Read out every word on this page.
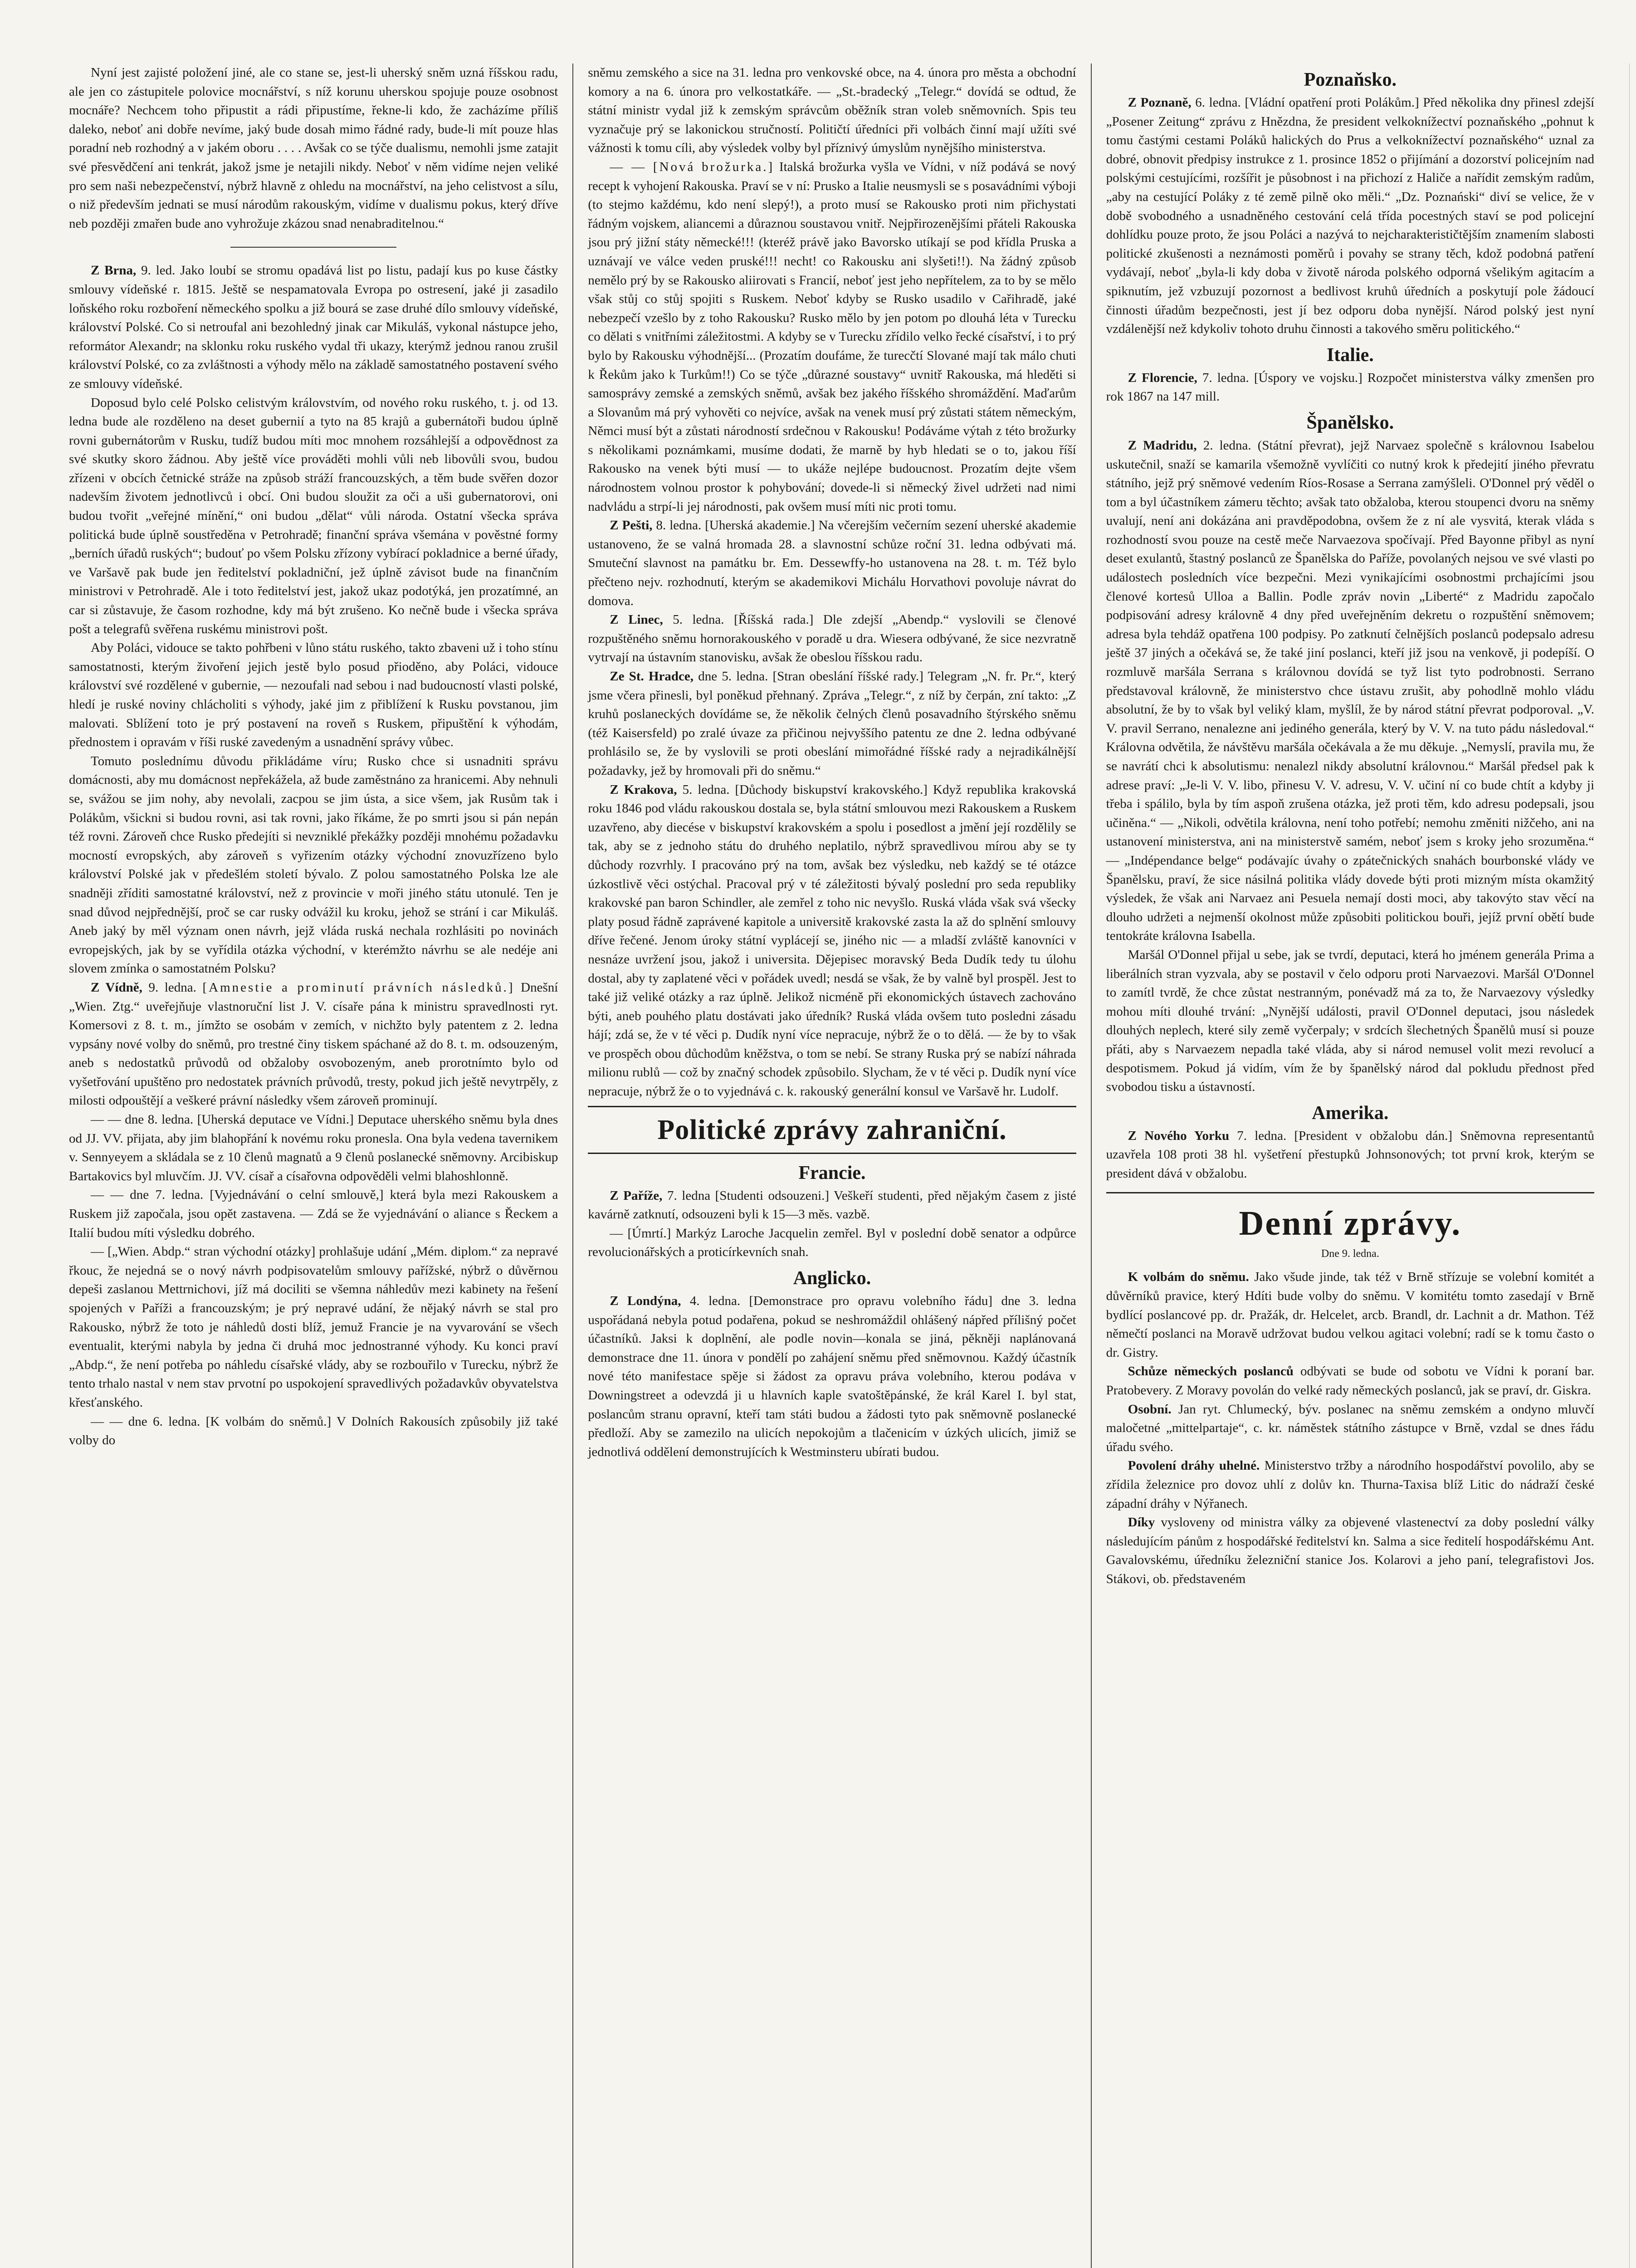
Nyní jest zajisté položení jiné, ale co stane se, jest-li uherský sněm uzná říšskou radu, ale jen co zástupitele polovice mocnářství, s níž korunu uherskou spojuje pouze osobnost mocnáře? Nechcem toho připustit a rádi připustíme, řekne-li kdo, že zacházíme příliš daleko, neboť ani dobře nevíme, jaký bude dosah mimo řádné rady, bude-li mít pouze hlas poradní neb rozhodný a v jakém oboru . . . . Avšak co se týče dualismu, nemohli jsme zatajit své přesvědčení ani tenkrát, jakož jsme je netajili nikdy. Neboť v něm vidíme nejen veliké pro sem naši nebezpečenství, nýbrž hlavně z ohledu na mocnářství, na jeho celistvost a sílu, o niž především jednati se musí národům rakouským, vidíme v dualismu pokus, který dříve neb později zmařen bude ano vyhrožuje zkázou snad nenabraditelnou.“

Z Brna, 9. led. Jako loubí se stromu opadává list po listu, padají kus po kuse částky smlouvy vídeňské r. 1815. Ještě se nespamatovala Evropa po ostresení, jaké ji zasadilo loňského roku rozboření německého spolku a již bourá se zase druhé dílo smlouvy vídeňské, království Polské. Co si netroufal ani bezohledný jinak car Mikuláš, vykonal nástupce jeho, reformátor Alexandr; na sklonku roku ruského vydal tři ukazy, kterýmž jednou ranou zrušil království Polské, co za zvláštnosti a výhody mělo na základě samostatného postavení svého ze smlouvy vídeňské.

Doposud bylo celé Polsko celistvým královstvím, od nového roku ruského, t. j. od 13. ledna bude ale rozděleno na deset gubernií a tyto na 85 krajů a gubernátoři budou úplně rovni gubernátorům v Rusku, tudíž budou míti moc mnohem rozsáhlejší a odpovědnost za své skutky skoro žádnou. Aby ještě více prováděti mohli vůli neb libovůli svou, budou zřízeni v obcích četnické stráže na způsob stráží francouzských, a těm bude svěřen dozor nadevším životem jednotlivců i obcí. Oni budou sloužit za oči a uši gubernatorovi, oni budou tvořit „veřejné mínění,“ oni budou „dělat“ vůli národa. Ostatní všecka správa politická bude úplně soustředěna v Petrohradě; finanční správa všemána v pověstné formy „berních úřadů ruských“; budouť po všem Polsku zřízony vybírací pokladnice a berné úřady, ve Varšavě pak bude jen ředitelství pokladniční, jež úplně závisot bude na finančním ministrovi v Petrohradě. Ale i toto ředitelství jest, jakož ukaz podotýká, jen prozatímné, an car si zůstavuje, že časom rozhodne, kdy má být zrušeno. Ko nečně bude i všecka správa pošt a telegrafů svěřena ruskému ministrovi pošt.

Aby Poláci, vidouce se takto pohřbeni v lůno státu ruského, takto zbaveni už i toho stínu samostatnosti, kterým živoření jejich jestě bylo posud přioděno, aby Poláci, vidouce království své rozdělené v gubernie, — nezoufali nad sebou i nad budoucností vlasti polské, hledí je ruské noviny chlácholiti s výhody, jaké jim z přiblížení k Rusku povstanou, jim malovati. Sblížení toto je prý postavení na roveň s Ruskem, připuštění k výhodám, přednostem i opravám v říši ruské zavedeným a usnadnění správy vůbec.

Tomuto poslednímu důvodu přikládáme víru; Rusko chce si usnadniti správu domácnosti, aby mu domácnost nepřekážela, až bude zaměstnáno za hranicemi. Aby nehnuli se, svážou se jim nohy, aby nevolali, zacpou se jim ústa, a sice všem, jak Rusům tak i Polákům, všickni si budou rovni, asi tak rovni, jako říkáme, že po smrti jsou si pán nepán též rovni. Zároveň chce Rusko předejíti si nevzniklé překážky později mnohému požadavku mocností evropských, aby zároveň s vyřizením otázky východní znovuzřízeno bylo království Polské jak v předešlém století bývalo. Z polou samostatného Polska lze ale snadněji zříditi samostatné království, než z provincie v moři jiného státu utonulé. Ten je snad důvod nejpřednější, proč se car rusky odvážil ku kroku, jehož se strání i car Mikuláš. Aneb jaký by měl význam onen návrh, jejž vláda ruská nechala rozhlásiti po novinách evropejských, jak by se vyřídila otázka východní, v kterémžto návrhu se ale nedéje ani slovem zmínka o samostatném Polsku?

Z Vídně, 9. ledna. [Amnestie a prominutí právních následků.] Dnešní „Wien. Ztg.“ uveřejňuje vlastnoruční list J. V. císaře pána k ministru spravedlnosti ryt. Komersovi z 8. t. m., jímžto se osobám v zemích, v nichžto byly patentem z 2. ledna vypsány nové volby do sněmů, pro trestné činy tiskem spáchané až do 8. t. m. odsouzeným, aneb s nedostatků průvodů od obžaloby osvobozeným, aneb prorotnímto bylo od vyšetřování upuštěno pro nedostatek právních průvodů, tresty, pokud jich ještě nevytrpěly, z milosti odpouštějí a veškeré právní následky všem zároveň prominují.

— — dne 8. ledna. [Uherská deputace ve Vídni.] Deputace uherského sněmu byla dnes od JJ. VV. přijata, aby jim blahopřání k novému roku pronesla. Ona byla vedena tavernikem v. Sennyeyem a skládala se z 10 členů magnatů a 9 členů poslanecké sněmovny. Arcibiskup Bartakovics byl mluvčím. JJ. VV. císař a císařovna odpověděli velmi blahoshlonně.

— — dne 7. ledna. [Vyjednávání o celní smlouvě,] která byla mezi Rakouskem a Ruskem již započala, jsou opět zastavena. — Zdá se že vyjednávání o aliance s Řeckem a Italií budou míti výsledku dobrého.

— [„Wien. Abdp.“ stran východní otázky] prohlašuje udání „Mém. diplom.“ za nepravé řkouc, že nejedná se o nový návrh podpisovatelům smlouvy pařížské, nýbrž o důvěrnou depeši zaslanou Mettrnichovi, jíž má dociliti se všemna náhledův mezi kabinety na řešení spojených v Paříži a francouzským; je prý nepravé udání, že nějaký návrh se stal pro Rakousko, nýbrž že toto je náhledů dosti blíž, jemuž Francie je na vyvarování se všech eventualit, kterými nabyla by jedna či druhá moc jednostranné výhody. Ku konci praví „Abdp.“, že není potřeba po náhledu císařské vlády, aby se rozbouřilo v Turecku, nýbrž že tento trhalo nastal v nem stav prvotní po uspokojení spravedlivých požadavkův obyvatelstva křesťanského.

— — dne 6. ledna. [K volbám do sněmů.] V Dolních Rakousích způsobily již také volby do

sněmu zemského a sice na 31. ledna pro venkovské obce, na 4. února pro města a obchodní komory a na 6. února pro velkostatkáře. — „St.-bradecký „Telegr.“ dovídá se odtud, že státní ministr vydal již k zemským správcům oběžník stran voleb sněmovních. Spis teu vyznačuje prý se lakonickou stručností. Političtí úředníci při volbách činní mají užíti své vážnosti k tomu cíli, aby výsledek volby byl příznivý úmyslům nynějšího ministerstva.

— — [Nová brožurka.] Italská brožurka vyšla ve Vídni, v níž podává se nový recept k vyhojení Rakouska. Praví se v ní: Prusko a Italie neusmysli se s posavádními výboji (to stejmo každému, kdo není slepý!), a proto musí se Rakousko proti nim přichystati řádným vojskem, aliancemi a důraznou soustavou vnitř. Nejpřirozenějšími přáteli Rakouska jsou prý jižní státy německé!!! (kteréž právě jako Bavorsko utíkají se pod křídla Pruska a uznávají ve válce veden pruské!!! necht! co Rakousku ani slyšeti!!). Na žádný způsob nemělo prý by se Rakousko aliirovati s Francií, neboť jest jeho nepřítelem, za to by se mělo však stůj co stůj spojiti s Ruskem. Neboť kdyby se Rusko usadilo v Cařihradě, jaké nebezpečí vzešlo by z toho Rakousku? Rusko mělo by jen potom po dlouhá léta v Turecku co dělati s vnitřními záležitostmi. A kdyby se v Turecku zřídilo velko řecké císařství, i to prý bylo by Rakousku výhodnější... (Prozatím doufáme, že turecčtí Slované mají tak málo chuti k Řekům jako k Turkům!!) Co se týče „důrazné soustavy“ uvnitř Rakouska, má hleděti si samosprávy zemské a zemských sněmů, avšak bez jakého říšského shromáždění. Maďarům a Slovanům má prý vyhověti co nejvíce, avšak na venek musí prý zůstati státem německým, Němci musí být a zůstati národností srdečnou v Rakousku! Podáváme výtah z této brožurky s několikami poznámkami, musíme dodati, že marně by hyb hledati se o to, jakou říší Rakousko na venek býti musí — to ukáže nejlépe budoucnost. Prozatím dejte všem národnostem volnou prostor k pohybování; dovede-li si německý živel udržeti nad nimi nadvládu a strpí-li jej národnosti, pak ovšem musí míti nic proti tomu.

Z Pešti, 8. ledna. [Uherská akademie.] Na včerejším večerním sezení uherské akademie ustanoveno, že se valná hromada 28. a slavnostní schůze roční 31. ledna odbývati má. Smuteční slavnost na památku br. Em. Dessewffy-ho ustanovena na 28. t. m. Též bylo přečteno nejv. rozhodnutí, kterým se akademikovi Michálu Horvathovi povoluje návrat do domova.

Z Linec, 5. ledna. [Říšská rada.] Dle zdejší „Abendp.“ vyslovili se členové rozpuštěného sněmu hornorakouského v poradě u dra. Wiesera odbývané, že sice nezvratně vytrvají na ústavním stanovisku, avšak že obeslou říšskou radu.

Ze St. Hradce, dne 5. ledna. [Stran obeslání říšské rady.] Telegram „N. fr. Pr.“, který jsme včera přinesli, byl poněkud přehnaný. Zpráva „Telegr.“, z níž by čerpán, zní takto: „Z kruhů poslaneckých dovídáme se, že několik čelných členů posavadního štýrského sněmu (též Kaisersfeld) po zralé úvaze za přičinou nejvyššího patentu ze dne 2. ledna odbývané prohlásilo se, že by vyslovili se proti obeslání mimořádné říšské rady a nejradikálnější požadavky, jež by hromovali při do sněmu.“

Z Krakova, 5. ledna. [Důchody biskupství krakovského.] Když republika krakovská roku 1846 pod vládu rakouskou dostala se, byla státní smlouvou mezi Rakouskem a Ruskem uzavřeno, aby diecése v biskupství krakovském a spolu i posedlost a jmění její rozdělily se tak, aby se z jednoho státu do druhého neplatilo, nýbrž spravedlivou mírou aby se ty důchody rozvrhly. I pracováno prý na tom, avšak bez výsledku, neb každý se té otázce úzkostlivě věci ostýchal. Pracoval prý v té záležitosti bývalý poslední pro seda republiky krakovské pan baron Schindler, ale zemřel z toho nic nevyšlo. Ruská vláda však svá všecky platy posud řádně zaprávené kapitole a universitě krakovské zasta la až do splnění smlouvy dříve řečené. Jenom úroky státní vyplácejí se, jiného nic — a mladší zvláště kanovníci v nesnáze uvržení jsou, jakož i universita. Dějepisec moravský Beda Dudík tedy tu úlohu dostal, aby ty zaplatené věci v pořádek uvedl; nesdá se však, že by valně byl prospěl. Jest to také již veliké otázky a raz úplně. Jelikož nicméně při ekonomických ústavech zachováno býti, aneb pouhého platu dostávati jako úředník? Ruská vláda ovšem tuto posledni zásadu hájí; zdá se, že v té věci p. Dudík nyní více nepracuje, nýbrž že o to dělá. — že by to však ve prospěch obou důchodům kněžstva, o tom se nebí. Se strany Ruska prý se nabízí náhrada milionu rublů — což by značný schodek způsobilo. Slycham, že v té věci p. Dudík nyní více nepracuje, nýbrž že o to vyjednává c. k. rakouský generální konsul ve Varšavě hr. Ludolf.

Politické zprávy zahraniční.
Francie.

Z Paříže, 7. ledna [Studenti odsouzeni.] Veškeří studenti, před nějakým časem z jisté kavárně zatknutí, odsouzeni byli k 15—3 měs. vazbě.

— [Úmrtí.] Markýz Laroche Jacquelin zemřel. Byl v poslední době senator a odpůrce revolucionářských a proticírkevních snah.

Anglicko.

Z Londýna, 4. ledna. [Demonstrace pro opravu volebního řádu] dne 3. ledna uspořádaná nebyla potud podařena, pokud se neshromáždil ohlášený nápřed přílišný počet účastníků. Jaksi k doplnění, ale podle novin—konala se jiná, pěkněji naplánovaná demonstrace dne 11. února v pondělí po zahájení sněmu před sněmovnou. Každý účastník nové této manifestace spěje si žádost za opravu práva volebního, kterou podáva v Downingstreet a odevzdá ji u hlavních kaple svatoštěpánské, že král Karel I. byl stat, poslancům stranu opravní, kteří tam státi budou a žádosti tyto pak sněmovně poslanecké předloží. Aby se zamezilo na ulicích nepokojům a tlačenicím v úzkých ulicích, jimiž se jednotlivá oddělení demonstrujících k Westminsteru ubírati budou.

Poznaňsko.

Z Poznaně, 6. ledna. [Vládní opatření proti Polákům.] Před několika dny přinesl zdejší „Posener Zeitung“ zprávu z Hnězdna, že president velkoknížectví poznaňského „pohnut k tomu častými cestami Poláků halických do Prus a velkoknížectví poznaňského“ uznal za dobré, obnovit předpisy instrukce z 1. prosince 1852 o přijímání a dozorství policejním nad polskými cestujícími, rozšířit je působnost i na přichozí z Haliče a nařídit zemským radům, „aby na cestující Poláky z té země pilně oko měli.“ „Dz. Poznański“ diví se velice, že v době svobodného a usnadněného cestování celá třída pocestných staví se pod policejní dohlídku pouze proto, že jsou Poláci a nazývá to nejcharakterističtějším znamením slabosti politické zkušenosti a neznámosti poměrů i povahy se strany těch, kdož podobná patření vydávají, neboť „byla-li kdy doba v životě národa polského odporná všelikým agitacím a spiknutím, jež vzbuzují pozornost a bedlivost kruhů úředních a poskytují pole žádoucí činnosti úřadům bezpečnosti, jest jí bez odporu doba nynější. Národ polský jest nyní vzdálenější než kdykoliv tohoto druhu činnosti a takového směru politického.“

Italie.

Z Florencie, 7. ledna. [Úspory ve vojsku.] Rozpočet ministerstva války zmenšen pro rok 1867 na 147 mill.

Španělsko.

Z Madridu, 2. ledna. (Státní převrat), jejž Narvaez společně s královnou Isabelou uskutečnil, snaží se kamarila všemožně vyvlíčiti co nutný krok k předejití jiného převratu státního, jejž prý sněmové vedením Ríos-Rosase a Serrana zamýšleli. O'Donnel prý věděl o tom a byl účastníkem zámeru těchto; avšak tato obžaloba, kterou stoupenci dvoru na sněmy uvalují, není ani dokázána ani pravděpodobna, ovšem že z ní ale vysvitá, kterak vláda s rozhodností svou pouze na cestě meče Narvaezova spočívají. Před Bayonne přibyl as nyní deset exulantů, štastný poslanců ze Španělska do Paříže, povolaných nejsou ve své vlasti po událostech posledních více bezpečni. Mezi vynikajícími osobnostmi prchajícími jsou členové kortesů Ulloa a Ballin. Podle zpráv novin „Liberté“ z Madridu započalo podpisování adresy královně 4 dny před uveřejněním dekretu o rozpuštění sněmovem; adresa byla tehdáž opatřena 100 podpisy. Po zatknutí čelnějších poslanců podepsalo adresu ještě 37 jiných a očekává se, že také jiní poslanci, kteří již jsou na venkově, ji podepíší. O rozmluvě maršála Serrana s královnou dovídá se tyž list tyto podrobnosti. Serrano představoval královně, že ministerstvo chce ústavu zrušit, aby pohodlně mohlo vládu absolutní, že by to však byl veliký klam, myšlíl, že by národ státní převrat podporoval. „V. V. pravil Serrano, nenalezne ani jediného generála, který by V. V. na tuto pádu následoval.“ Královna odvětila, že návštěvu maršála očekávala a že mu děkuje. „Nemyslí, pravila mu, že se navrátí chci k absolutismu: nenalezl nikdy absolutní královnou.“ Maršál předsel pak k adrese praví: „Je-li V. V. libo, přinesu V. V. adresu, V. V. učiní ní co bude chtít a kdyby ji třeba i spálilo, byla by tím aspoň zrušena otázka, jež proti těm, kdo adresu podepsali, jsou učiněna.“ — „Nikoli, odvětila královna, není toho potřebí; nemohu změniti nižčeho, ani na ustanovení ministerstva, ani na ministerstvě samém, neboť jsem s kroky jeho srozuměna.“ — „Indépendance belge“ podávajíc úvahy o zpátečnických snahách bourbonské vlády ve Španělsku, praví, že sice násilná politika vlády dovede býti proti mizným místa okamžitý výsledek, že však ani Narvaez ani Pesuela nemají dosti moci, aby takovýto stav věcí na dlouho udržeti a nejmenší okolnost může způsobiti politickou bouři, jejíž první obětí bude tentokráte královna Isabella.

Maršál O'Donnel přijal u sebe, jak se tvrdí, deputaci, která ho jménem generála Prima a liberálních stran vyzvala, aby se postavil v čelo odporu proti Narvaezovi. Maršál O'Donnel to zamítl tvrdě, že chce zůstat nestranným, ponévadž má za to, že Narvaezovy výsledky mohou míti dlouhé trvání: „Nynější události, pravil O'Donnel deputaci, jsou následek dlouhých neplech, které sily země vyčerpaly; v srdcích šlechetných Španělů musí si pouze přáti, aby s Narvaezem nepadla také vláda, aby si národ nemusel volit mezi revolucí a despotismem. Pokud já vidím, vím že by španělský národ dal pokludu přednost před svobodou tisku a ústavností.

Amerika.

Z Nového Yorku 7. ledna. [President v obžalobu dán.] Sněmovna representantů uzavřela 108 proti 38 hl. vyšetření přestupků Johnsonových; tot první krok, kterým se president dává v obžalobu.

Denní zprávy.
Dne 9. ledna.

K volbám do sněmu. Jako všude jinde, tak též v Brně střízuje se volební komitét a důvěrníků pravice, který Hdíti bude volby do sněmu. V komitétu tomto zasedají v Brně bydlící poslancové pp. dr. Pražák, dr. Helcelet, arcb. Brandl, dr. Lachnit a dr. Mathon. Též němečtí poslanci na Moravě udržovat budou velkou agitaci volební; radí se k tomu často o dr. Gistry.

Schůze německých poslanců odbývati se bude od sobotu ve Vídni k poraní bar. Pratobevery. Z Moravy povolán do velké rady německých poslanců, jak se praví, dr. Giskra.

Osobní. Jan ryt. Chlumecký, býv. poslanec na sněmu zemském a ondyno mluvčí maločetné „mittelpartaje“, c. kr. náměstek státního zástupce v Brně, vzdal se dnes řádu úřadu svého.

Povolení dráhy uhelné. Ministerstvo tržby a národního hospodářství povolilo, aby se zřídila železnice pro dovoz uhlí z dolův kn. Thurna-Taxisa blíž Litic do nádraží české západní dráhy v Nýřanech.

Díky vysloveny od ministra války za objevené vlastenectví za doby poslední války následujícím pánům z hospodářské ředitelství kn. Salma a sice ředitelí hospodářskému Ant. Gavalovskému, úředníku železniční stanice Jos. Kolarovi a jeho paní, telegrafistovi Jos. Stákovi, ob. představeném
